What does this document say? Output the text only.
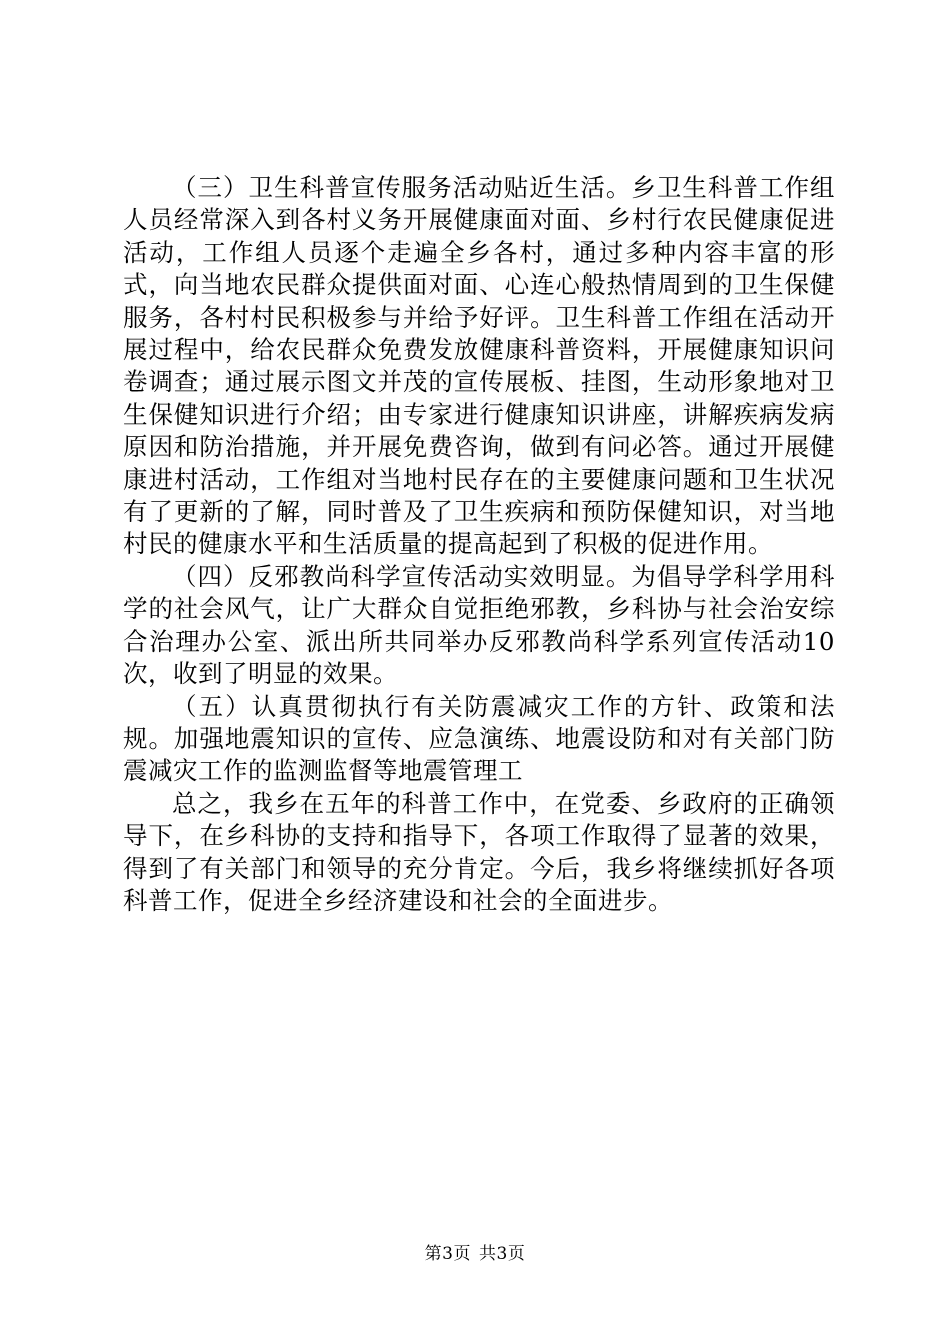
（三）卫生科普宣传服务活动贴近生活。乡卫生科普工作组人员经常深入到各村义务开展健康面对面、乡村行农民健康促进活动，工作组人员逐个走遍全乡各村，通过多种内容丰富的形式，向当地农民群众提供面对面、心连心般热情周到的卫生保健服务，各村村民积极参与并给予好评。卫生科普工作组在活动开展过程中，给农民群众免费发放健康科普资料，开展健康知识问卷调查；通过展示图文并茂的宣传展板、挂图，生动形象地对卫生保健知识进行介绍；由专家进行健康知识讲座，讲解疾病发病原因和防治措施，并开展免费咨询，做到有问必答。通过开展健康进村活动，工作组对当地村民存在的主要健康问题和卫生状况有了更新的了解，同时普及了卫生疾病和预防保健知识，对当地村民的健康水平和生活质量的提高起到了积极的促进作用。

（四）反邪教尚科学宣传活动实效明显。为倡导学科学用科学的社会风气，让广大群众自觉拒绝邪教，乡科协与社会治安综合治理办公室、派出所共同举办反邪教尚科学系列宣传活动10次，收到了明显的效果。

（五）认真贯彻执行有关防震减灾工作的方针、政策和法规。加强地震知识的宣传、应急演练、地震设防和对有关部门防震减灾工作的监测监督等地震管理工

总之，我乡在五年的科普工作中，在党委、乡政府的正确领导下，在乡科协的支持和指导下，各项工作取得了显著的效果，得到了有关部门和领导的充分肯定。今后，我乡将继续抓好各项科普工作，促进全乡经济建设和社会的全面进步。

第3页 共3页
